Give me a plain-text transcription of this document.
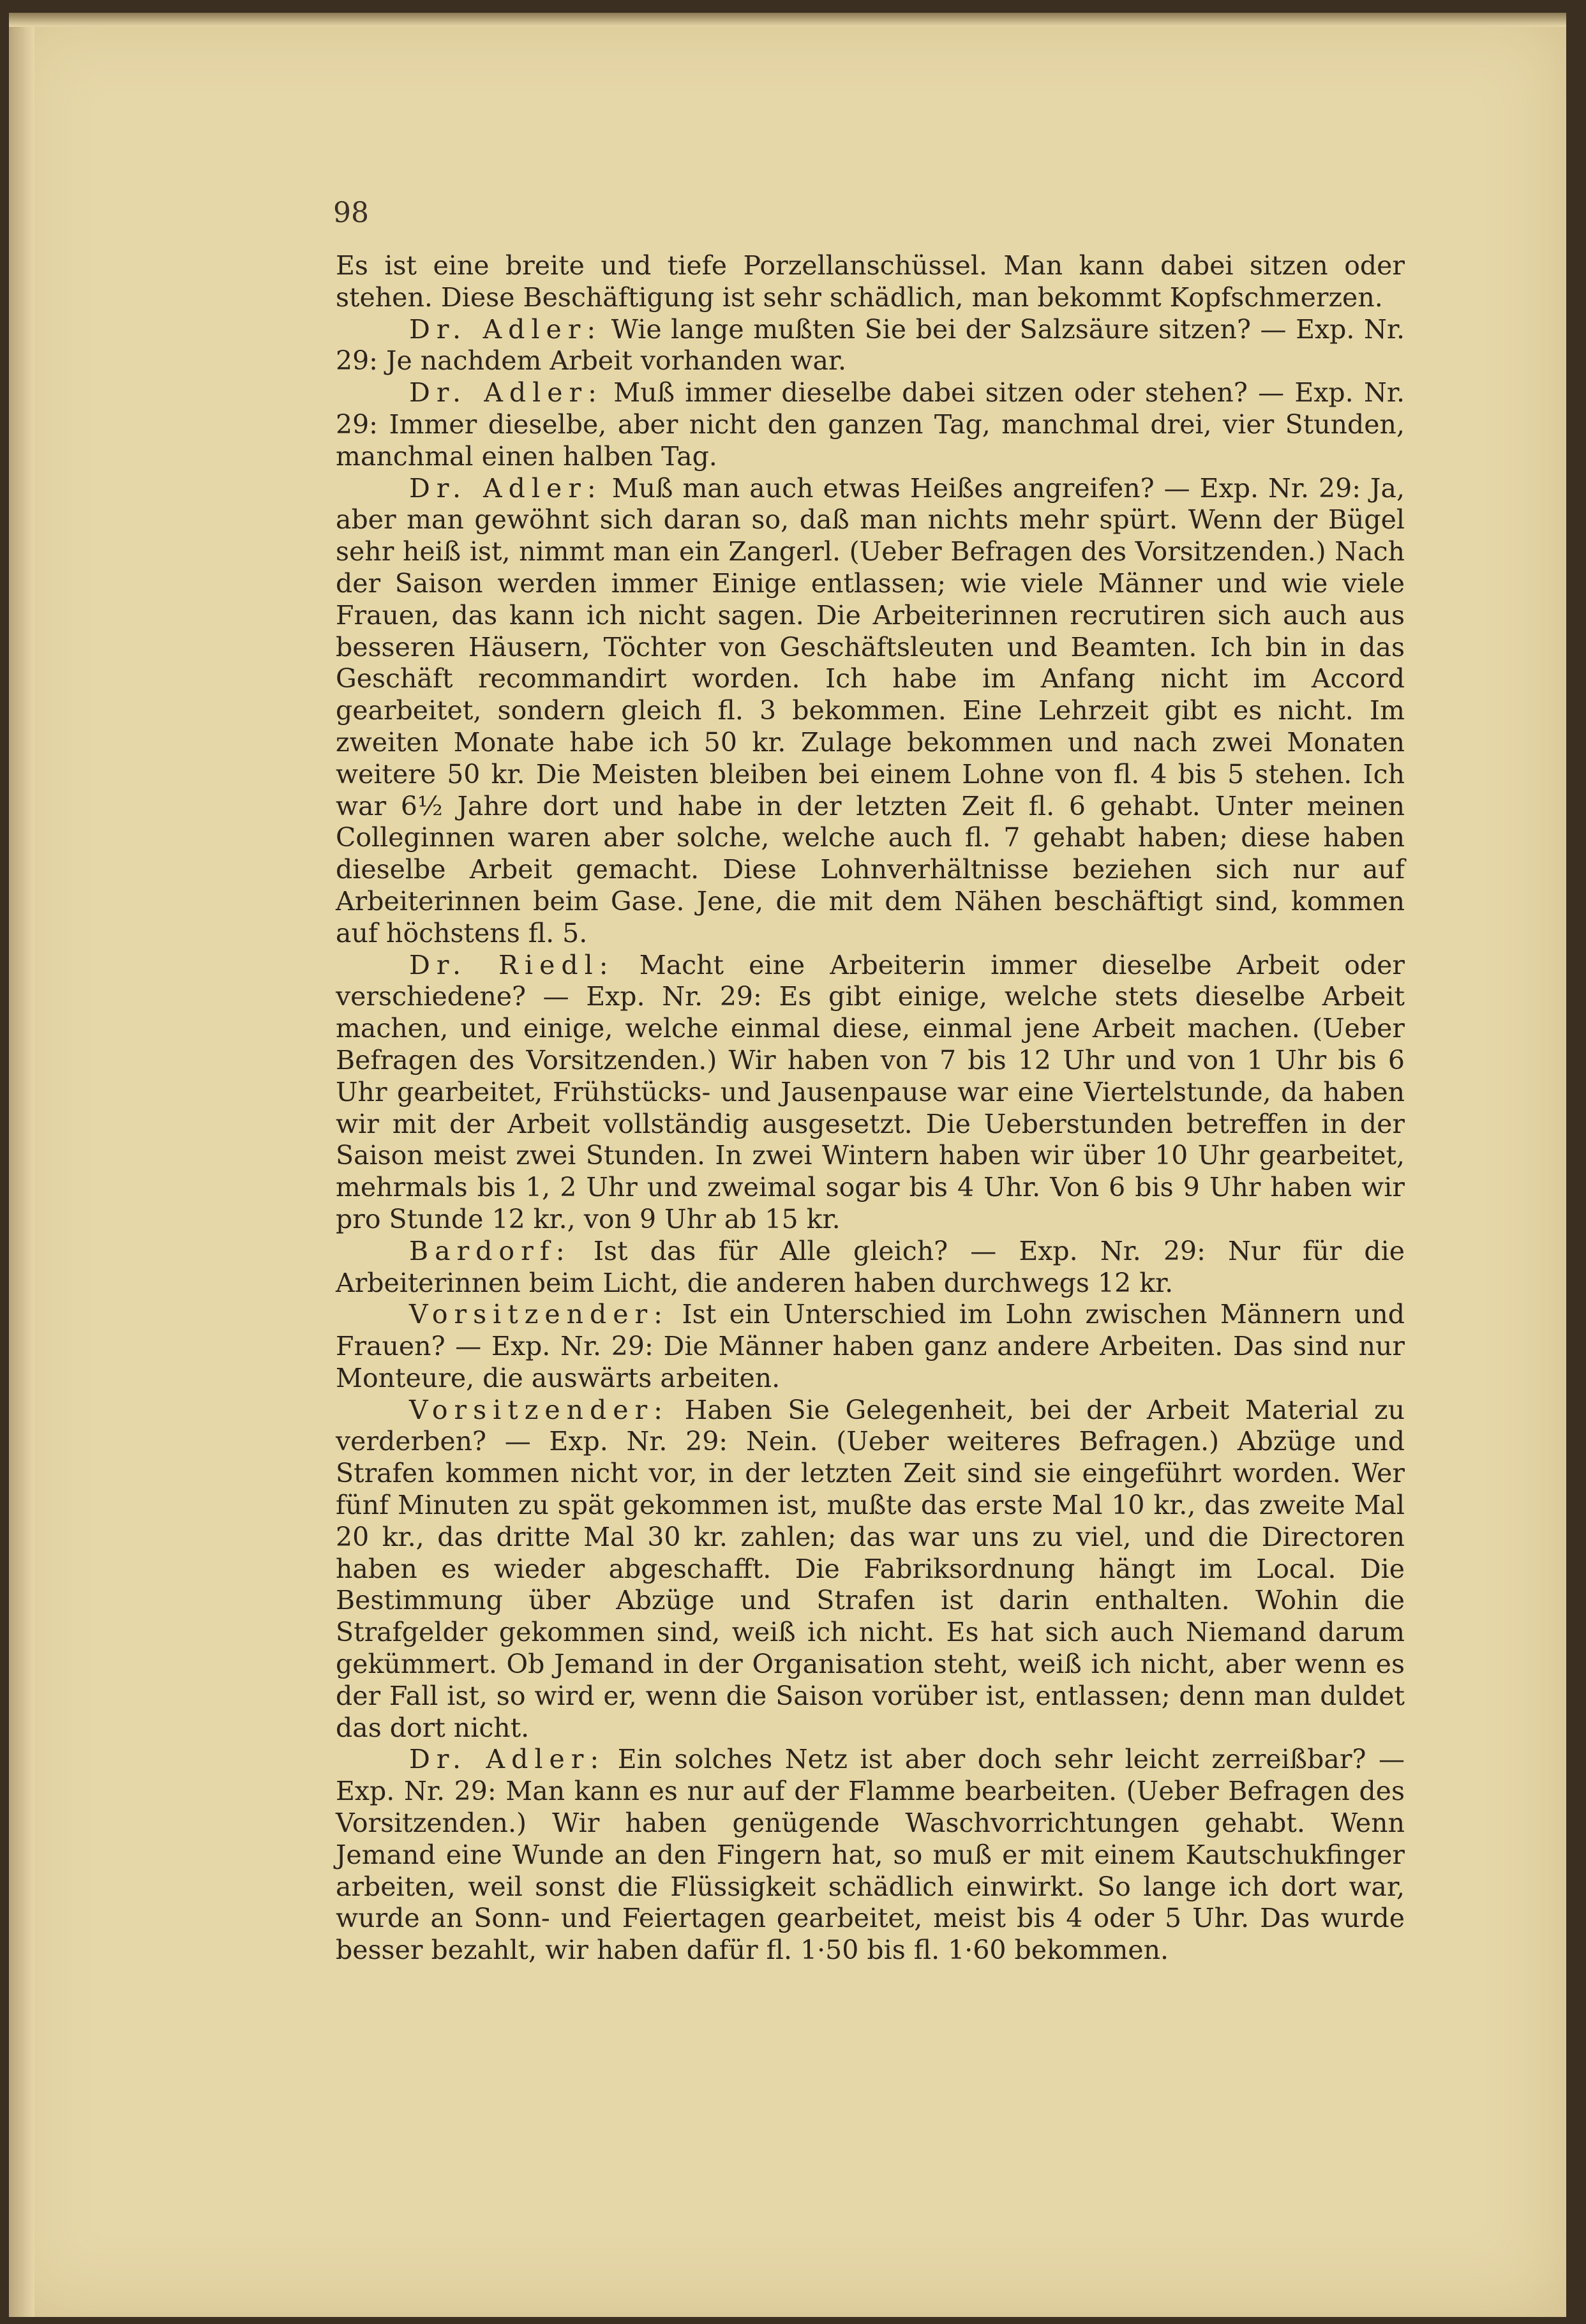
98

Es ist eine breite und tiefe Porzellanschüssel. Man kann dabei sitzen oder stehen. Diese Beschäftigung ist sehr schädlich, man bekommt Kopfschmerzen.

Dr. Adler: Wie lange mußten Sie bei der Salzsäure sitzen? — Exp. Nr. 29: Je nachdem Arbeit vorhanden war.

Dr. Adler: Muß immer dieselbe dabei sitzen oder stehen? — Exp. Nr. 29: Immer dieselbe, aber nicht den ganzen Tag, manchmal drei, vier Stunden, manchmal einen halben Tag.

Dr. Adler: Muß man auch etwas Heißes angreifen? — Exp. Nr. 29: Ja, aber man gewöhnt sich daran so, daß man nichts mehr spürt. Wenn der Bügel sehr heiß ist, nimmt man ein Zangerl. (Ueber Befragen des Vorsitzenden.) Nach der Saison werden immer Einige entlassen; wie viele Männer und wie viele Frauen, das kann ich nicht sagen. Die Arbeiterinnen recrutiren sich auch aus besseren Häusern, Töchter von Geschäftsleuten und Beamten. Ich bin in das Geschäft recommandirt worden. Ich habe im Anfang nicht im Accord gearbeitet, sondern gleich fl. 3 bekommen. Eine Lehrzeit gibt es nicht. Im zweiten Monate habe ich 50 kr. Zulage bekommen und nach zwei Monaten weitere 50 kr. Die Meisten bleiben bei einem Lohne von fl. 4 bis 5 stehen. Ich war 6½ Jahre dort und habe in der letzten Zeit fl. 6 gehabt. Unter meinen Colleginnen waren aber solche, welche auch fl. 7 gehabt haben; diese haben dieselbe Arbeit gemacht. Diese Lohnverhältnisse beziehen sich nur auf Arbeiterinnen beim Gase. Jene, die mit dem Nähen beschäftigt sind, kommen auf höchstens fl. 5.

Dr. Riedl: Macht eine Arbeiterin immer dieselbe Arbeit oder verschiedene? — Exp. Nr. 29: Es gibt einige, welche stets dieselbe Arbeit machen, und einige, welche einmal diese, einmal jene Arbeit machen. (Ueber Befragen des Vorsitzenden.) Wir haben von 7 bis 12 Uhr und von 1 Uhr bis 6 Uhr gearbeitet, Frühstücks- und Jausenpause war eine Viertelstunde, da haben wir mit der Arbeit vollständig ausgesetzt. Die Ueberstunden betreffen in der Saison meist zwei Stunden. In zwei Wintern haben wir über 10 Uhr gearbeitet, mehrmals bis 1, 2 Uhr und zweimal sogar bis 4 Uhr. Von 6 bis 9 Uhr haben wir pro Stunde 12 kr., von 9 Uhr ab 15 kr.

Bardorf: Ist das für Alle gleich? — Exp. Nr. 29: Nur für die Arbeiterinnen beim Licht, die anderen haben durchwegs 12 kr.

Vorsitzender: Ist ein Unterschied im Lohn zwischen Männern und Frauen? — Exp. Nr. 29: Die Männer haben ganz andere Arbeiten. Das sind nur Monteure, die auswärts arbeiten.

Vorsitzender: Haben Sie Gelegenheit, bei der Arbeit Material zu verderben? — Exp. Nr. 29: Nein. (Ueber weiteres Befragen.) Abzüge und Strafen kommen nicht vor, in der letzten Zeit sind sie eingeführt worden. Wer fünf Minuten zu spät gekommen ist, mußte das erste Mal 10 kr., das zweite Mal 20 kr., das dritte Mal 30 kr. zahlen; das war uns zu viel, und die Directoren haben es wieder abgeschafft. Die Fabriksordnung hängt im Local. Die Bestimmung über Abzüge und Strafen ist darin enthalten. Wohin die Strafgelder gekommen sind, weiß ich nicht. Es hat sich auch Niemand darum gekümmert. Ob Jemand in der Organisation steht, weiß ich nicht, aber wenn es der Fall ist, so wird er, wenn die Saison vorüber ist, entlassen; denn man duldet das dort nicht.

Dr. Adler: Ein solches Netz ist aber doch sehr leicht zerreißbar? — Exp. Nr. 29: Man kann es nur auf der Flamme bearbeiten. (Ueber Befragen des Vorsitzenden.) Wir haben genügende Waschvorrichtungen gehabt. Wenn Jemand eine Wunde an den Fingern hat, so muß er mit einem Kautschukfinger arbeiten, weil sonst die Flüssigkeit schädlich einwirkt. So lange ich dort war, wurde an Sonn- und Feiertagen gearbeitet, meist bis 4 oder 5 Uhr. Das wurde besser bezahlt, wir haben dafür fl. 1·50 bis fl. 1·60 bekommen.
